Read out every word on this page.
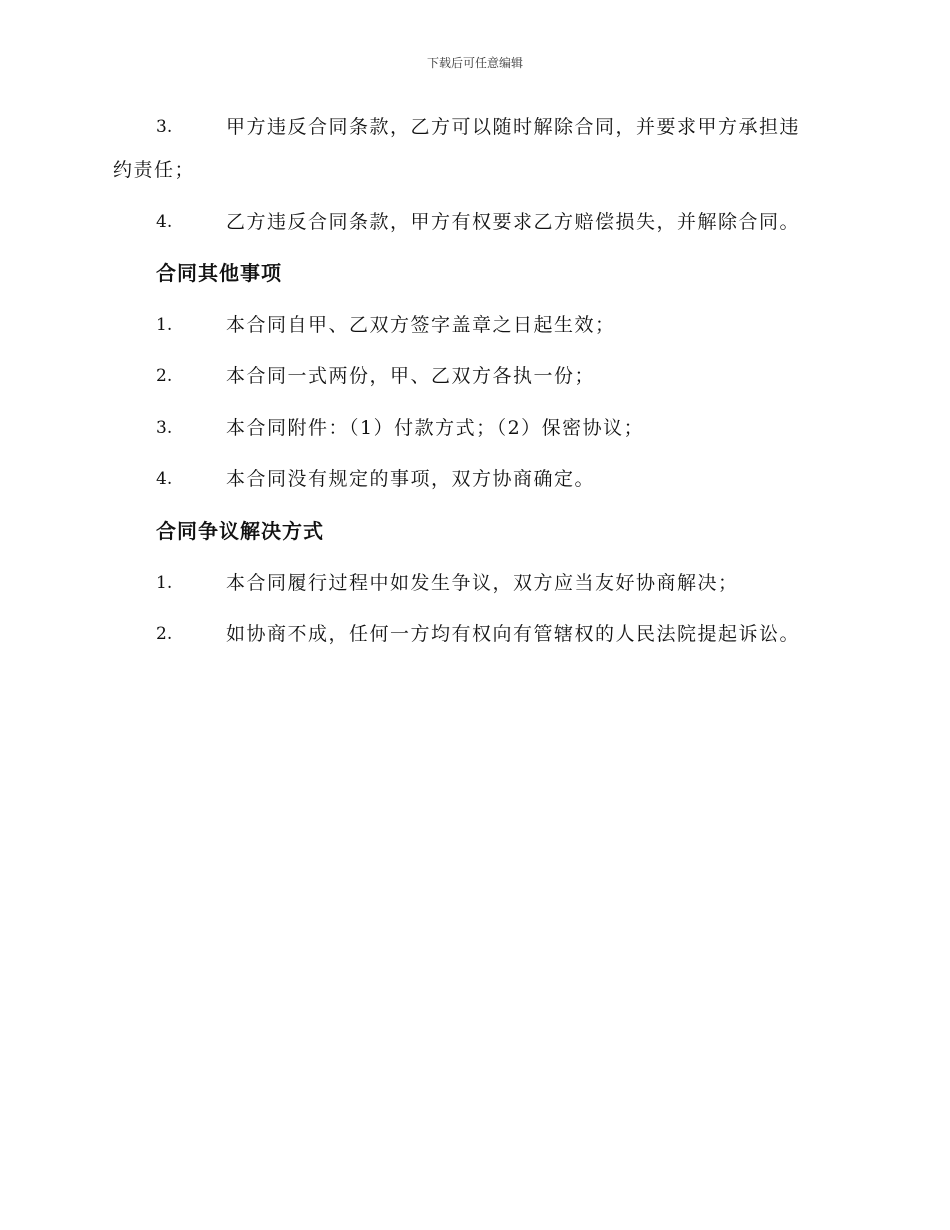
下载后可任意编辑
3.	甲方违反合同条款，乙方可以随时解除合同，并要求甲方承担违
约责任；
4.	乙方违反合同条款，甲方有权要求乙方赔偿损失，并解除合同。
合同其他事项
1.	本合同自甲、乙双方签字盖章之日起生效；
2.	本合同一式两份，甲、乙双方各执一份；
3.	本合同附件：（1）付款方式；（2）保密协议；
4.	本合同没有规定的事项，双方协商确定。
合同争议解决方式
1.	本合同履行过程中如发生争议，双方应当友好协商解决；
2.	如协商不成，任何一方均有权向有管辖权的人民法院提起诉讼。
